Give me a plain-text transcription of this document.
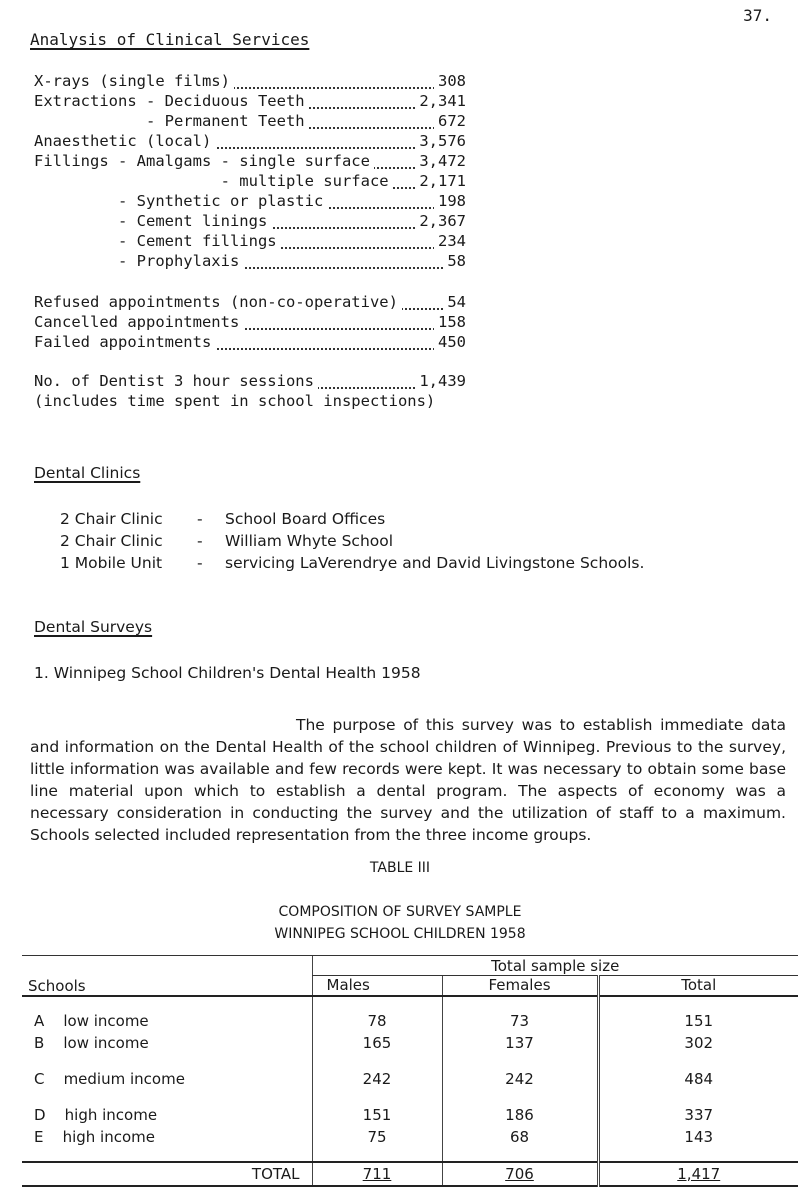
37.
Analysis of Clinical Services
X-rays (single films)	308
Extractions - Deciduous Teeth	2,341
- Permanent Teeth	672
Anaesthetic (local)	3,576
Fillings - Amalgams - single surface	3,472
- multiple surface 2,171
- Synthetic or plastic	198
- Cement linings	2,367
- Cement fillings	234
- Prophylaxis	58
Refused appointments (non-co-operative)	54
Cancelled appointments	158
Failed appointments	450
No. of Dentist 3 hour sessions	1,439
(includes time spent in school inspections)
Dental Clinics
2 Chair Clinic - School Board Offices
2 Chair Clinic - William Whyte School
1 Mobile Unit - servicing LaVerendrye and David Livingstone Schools.
Dental Surveys
1. Winnipeg School Children's Dental Health 1958

The purpose of this survey was to establish immediate data and information on the Dental Health of the school children of Winnipeg. Previous to the survey, little information was available and few records were kept. It was necessary to obtain some base line material upon which to establish a dental program. The aspects of economy was a necessary consideration in conducting the survey and the utilization of staff to a maximum. Schools selected included representation from the three income groups.

TABLE III
COMPOSITION OF SURVEY SAMPLE
WINNIPEG SCHOOL CHILDREN 1958
Schools	Total sample size		
	Males	Females	Total

A low income	78	73	151
B low income	165	137	302

C medium income	242	242	484

D high income	151	186	337
E high income	75	68	143

TOTAL	711	706	1,417
